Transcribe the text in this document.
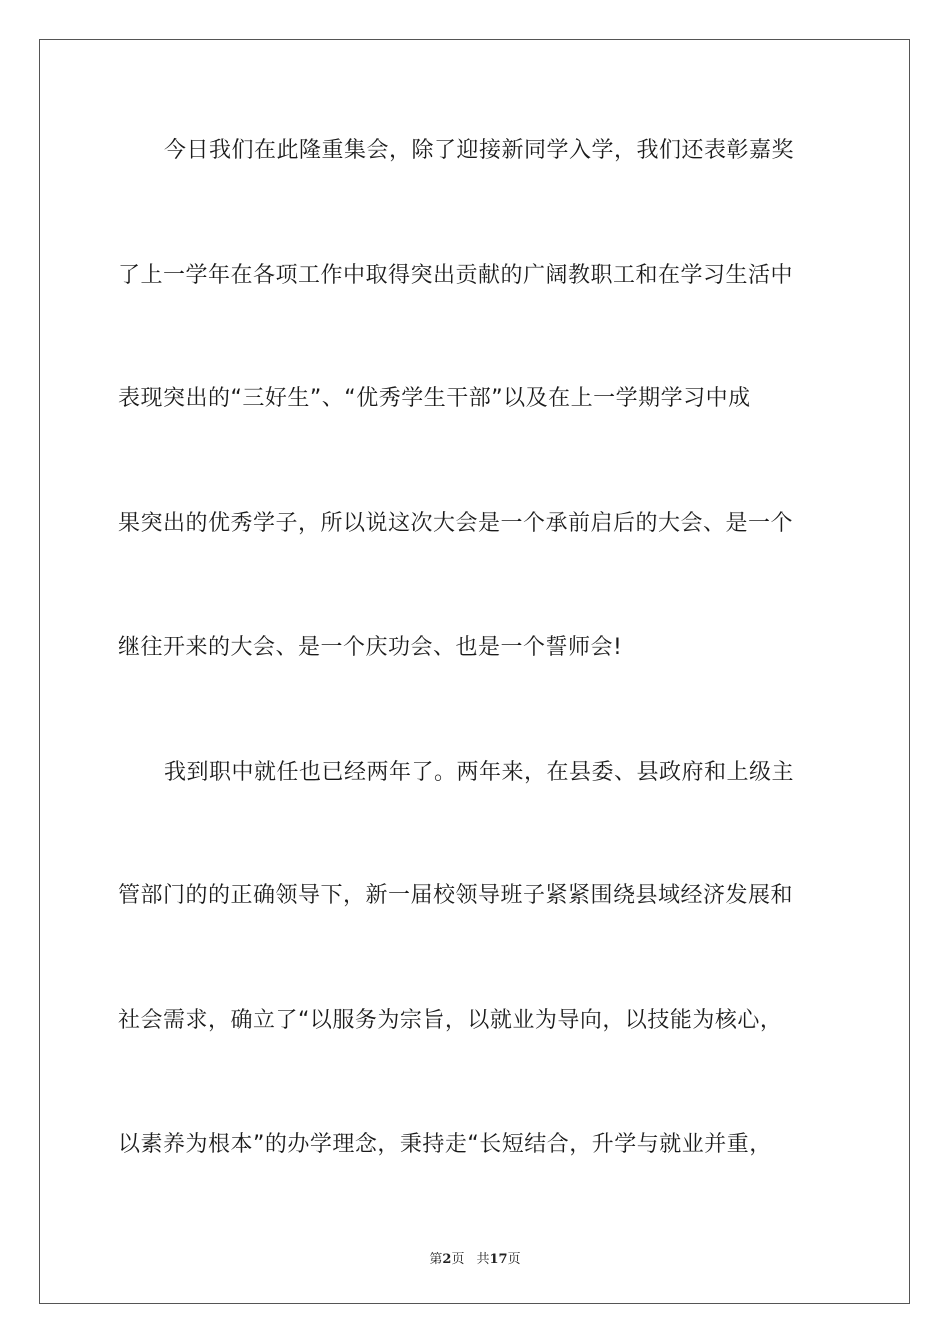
今日我们在此隆重集会，除了迎接新同学入学，我们还表彰嘉奖
了上一学年在各项工作中取得突出贡献的广阔教职工和在学习生活中
表现突出的“三好生”、“优秀学生干部”以及在上一学期学习中成
果突出的优秀学子，所以说这次大会是一个承前启后的大会、是一个
继往开来的大会、是一个庆功会、也是一个誓师会!
我到职中就任也已经两年了。两年来，在县委、县政府和上级主
管部门的的正确领导下，新一届校领导班子紧紧围绕县域经济发展和
社会需求，确立了“以服务为宗旨，以就业为导向，以技能为核心，
以素养为根本”的办学理念，秉持走“长短结合，升学与就业并重，
第2页 共17页
